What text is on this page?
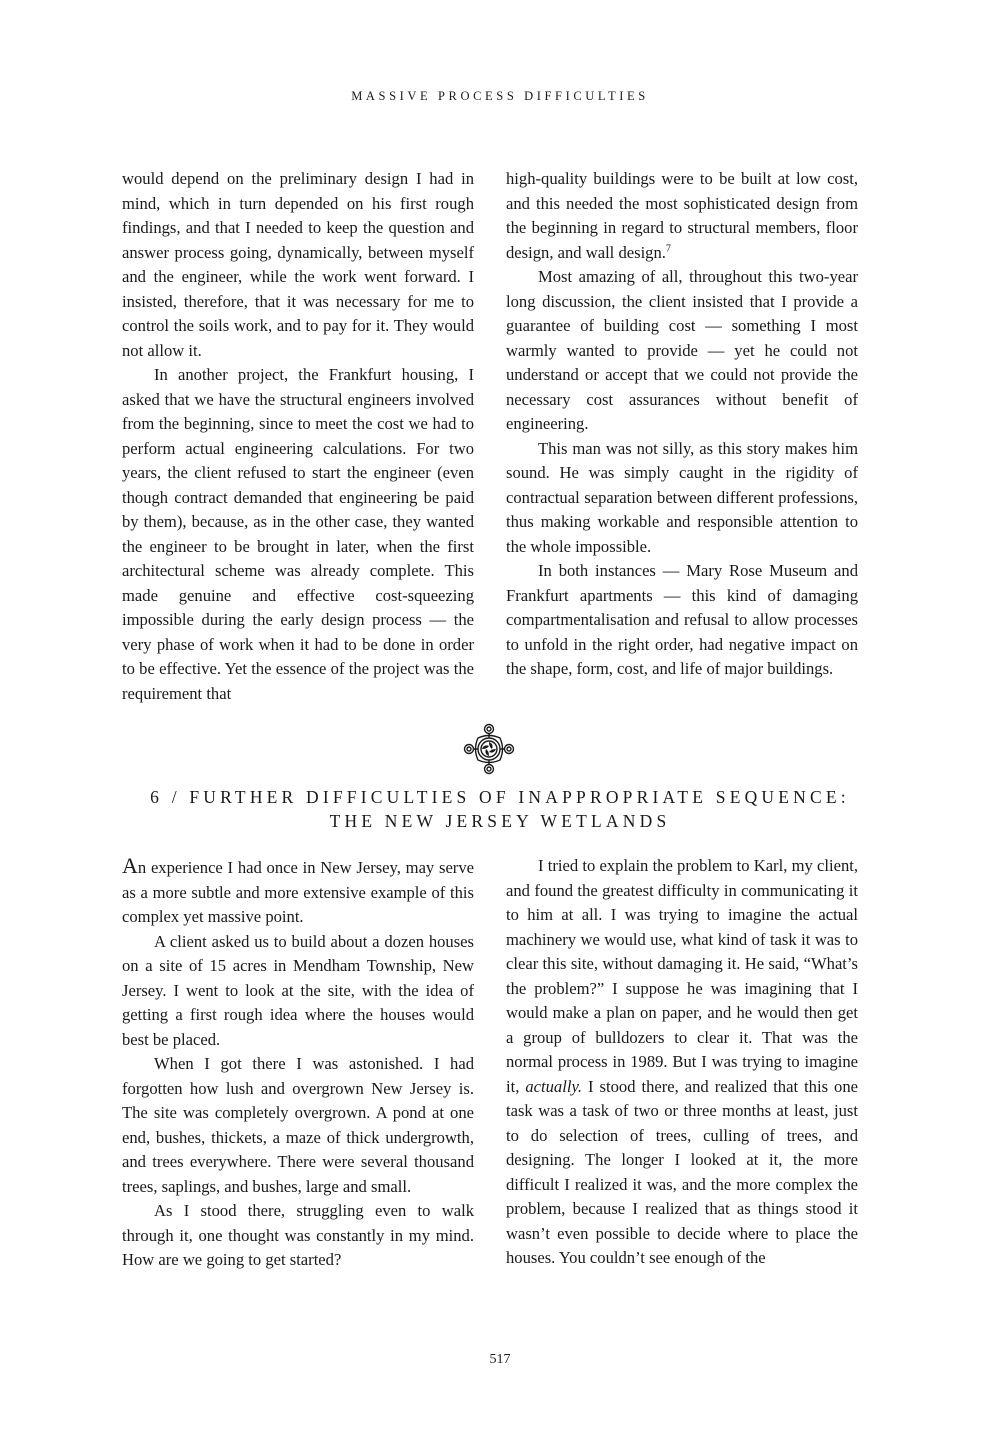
MASSIVE PROCESS DIFFICULTIES

would depend on the preliminary design I had in mind, which in turn depended on his first rough findings, and that I needed to keep the question and answer process going, dynamically, between myself and the engineer, while the work went forward. I insisted, therefore, that it was necessary for me to control the soils work, and to pay for it. They would not allow it.

In another project, the Frankfurt housing, I asked that we have the structural engineers involved from the beginning, since to meet the cost we had to perform actual engineering calculations. For two years, the client refused to start the engineer (even though contract demanded that engineering be paid by them), because, as in the other case, they wanted the engineer to be brought in later, when the first architectural scheme was already complete. This made genuine and effective cost-squeezing impossible during the early design process — the very phase of work when it had to be done in order to be effective. Yet the essence of the project was the requirement that

high-quality buildings were to be built at low cost, and this needed the most sophisticated design from the beginning in regard to structural members, floor design, and wall design.$^7$

Most amazing of all, throughout this two-year long discussion, the client insisted that I provide a guarantee of building cost — something I most warmly wanted to provide — yet he could not understand or accept that we could not provide the necessary cost assurances without benefit of engineering.

This man was not silly, as this story makes him sound. He was simply caught in the rigidity of contractual separation between different professions, thus making workable and responsible attention to the whole impossible.

In both instances — Mary Rose Museum and Frankfurt apartments — this kind of damaging compartmentalisation and refusal to allow processes to unfold in the right order, had negative impact on the shape, form, cost, and life of major buildings.

6 / FURTHER DIFFICULTIES OF INAPPROPRIATE SEQUENCE:
THE NEW JERSEY WETLANDS

An experience I had once in New Jersey, may serve as a more subtle and more extensive example of this complex yet massive point.

A client asked us to build about a dozen houses on a site of 15 acres in Mendham Township, New Jersey. I went to look at the site, with the idea of getting a first rough idea where the houses would best be placed.

When I got there I was astonished. I had forgotten how lush and overgrown New Jersey is. The site was completely overgrown. A pond at one end, bushes, thickets, a maze of thick undergrowth, and trees everywhere. There were several thousand trees, saplings, and bushes, large and small.

As I stood there, struggling even to walk through it, one thought was constantly in my mind. How are we going to get started?

I tried to explain the problem to Karl, my client, and found the greatest difficulty in communicating it to him at all. I was trying to imagine the actual machinery we would use, what kind of task it was to clear this site, without damaging it. He said, “What’s the problem?” I suppose he was imagining that I would make a plan on paper, and he would then get a group of bulldozers to clear it. That was the normal process in 1989. But I was trying to imagine it, actually. I stood there, and realized that this one task was a task of two or three months at least, just to do selection of trees, culling of trees, and designing. The longer I looked at it, the more difficult I realized it was, and the more complex the problem, because I realized that as things stood it wasn’t even possible to decide where to place the houses. You couldn’t see enough of the

517
